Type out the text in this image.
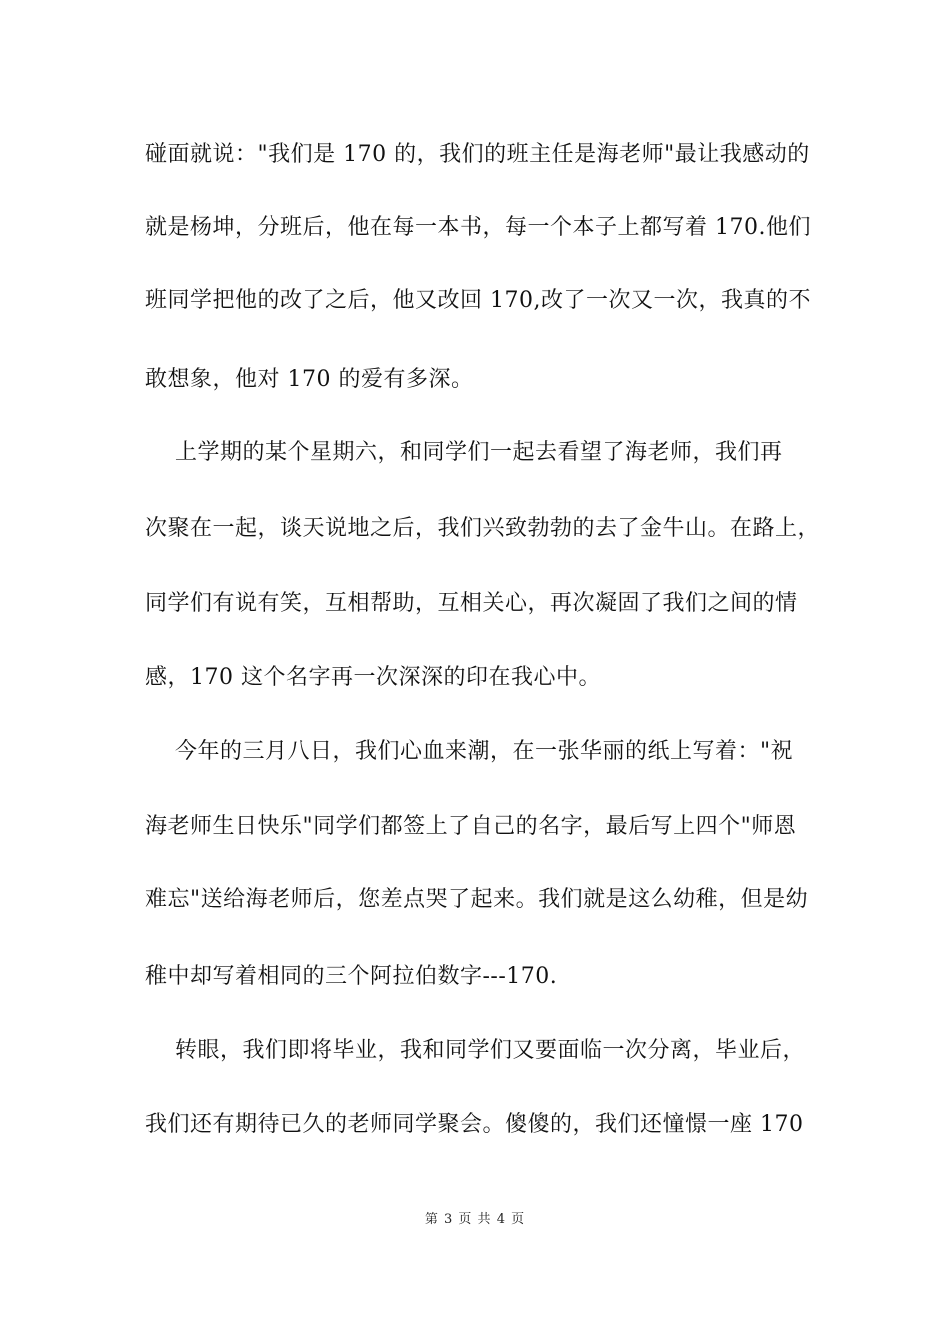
碰面就说："我们是 170 的，我们的班主任是海老师"最让我感动的
就是杨坤，分班后，他在每一本书，每一个本子上都写着 170.他们
班同学把他的改了之后，他又改回 170,改了一次又一次，我真的不
敢想象，他对 170 的爱有多深。
上学期的某个星期六，和同学们一起去看望了海老师，我们再
次聚在一起，谈天说地之后，我们兴致勃勃的去了金牛山。在路上，
同学们有说有笑，互相帮助，互相关心，再次凝固了我们之间的情
感，170 这个名字再一次深深的印在我心中。
今年的三月八日，我们心血来潮，在一张华丽的纸上写着："祝
海老师生日快乐"同学们都签上了自己的名字，最后写上四个"师恩
难忘"送给海老师后，您差点哭了起来。我们就是这么幼稚，但是幼
稚中却写着相同的三个阿拉伯数字---170.
转眼，我们即将毕业，我和同学们又要面临一次分离，毕业后，
我们还有期待已久的老师同学聚会。傻傻的，我们还憧憬一座 170
第 3 页 共 4 页
